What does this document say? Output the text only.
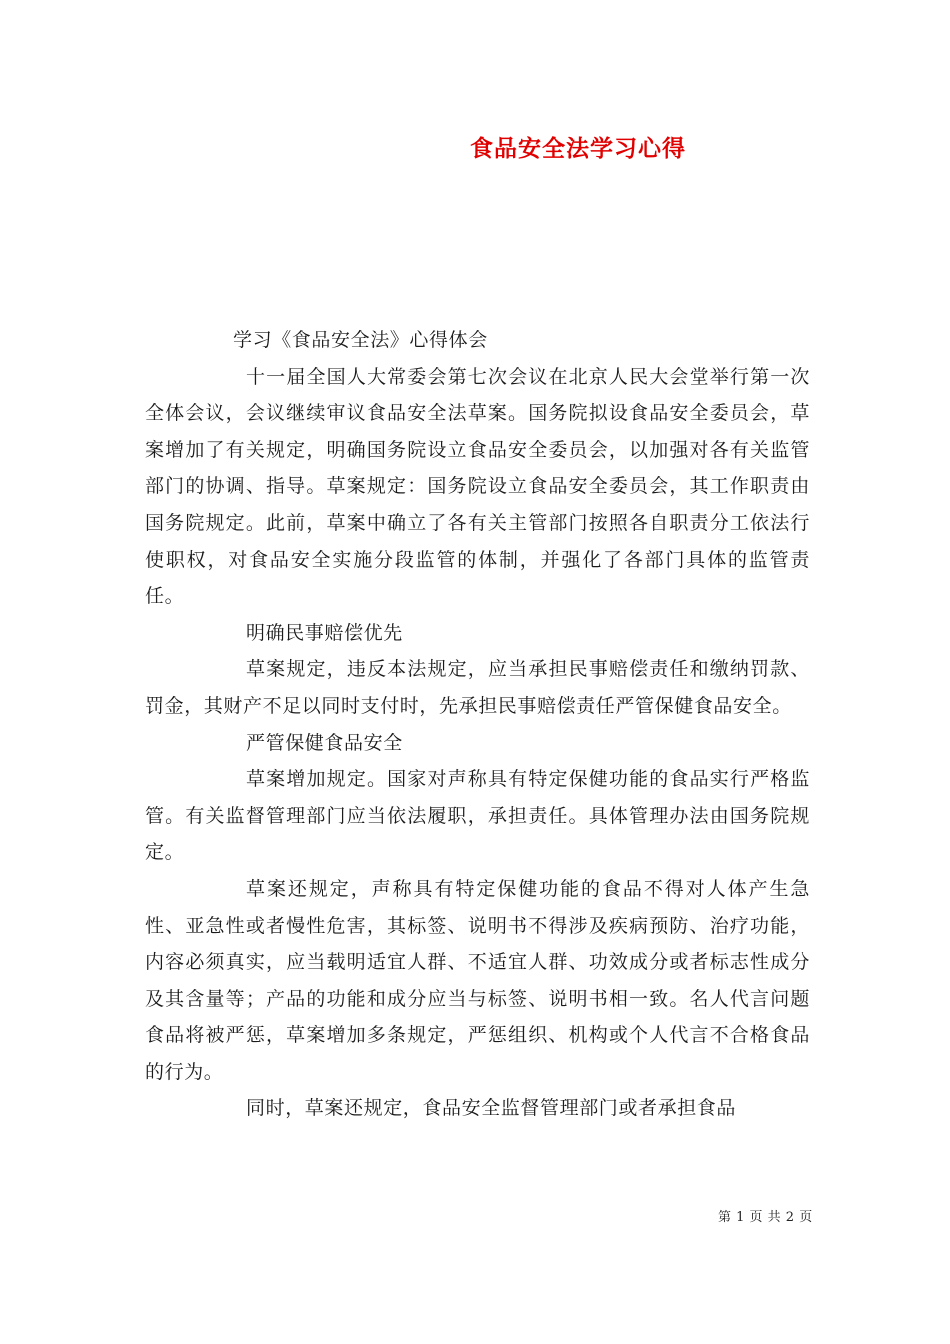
食品安全法学习心得

学习《食品安全法》心得体会

十一届全国人大常委会第七次会议在北京人民大会堂举行第一次全体会议，会议继续审议食品安全法草案。国务院拟设食品安全委员会，草案增加了有关规定，明确国务院设立食品安全委员会，以加强对各有关监管部门的协调、指导。草案规定：国务院设立食品安全委员会，其工作职责由国务院规定。此前，草案中确立了各有关主管部门按照各自职责分工依法行使职权，对食品安全实施分段监管的体制，并强化了各部门具体的监管责任。

明确民事赔偿优先

草案规定，违反本法规定，应当承担民事赔偿责任和缴纳罚款、罚金，其财产不足以同时支付时，先承担民事赔偿责任严管保健食品安全。

严管保健食品安全

草案增加规定。国家对声称具有特定保健功能的食品实行严格监管。有关监督管理部门应当依法履职，承担责任。具体管理办法由国务院规定。

草案还规定，声称具有特定保健功能的食品不得对人体产生急性、亚急性或者慢性危害，其标签、说明书不得涉及疾病预防、治疗功能，内容必须真实，应当载明适宜人群、不适宜人群、功效成分或者标志性成分及其含量等；产品的功能和成分应当与标签、说明书相一致。名人代言问题食品将被严惩，草案增加多条规定，严惩组织、机构或个人代言不合格食品的行为。

同时，草案还规定，食品安全监督管理部门或者承担食品

第 1 页 共 2 页
